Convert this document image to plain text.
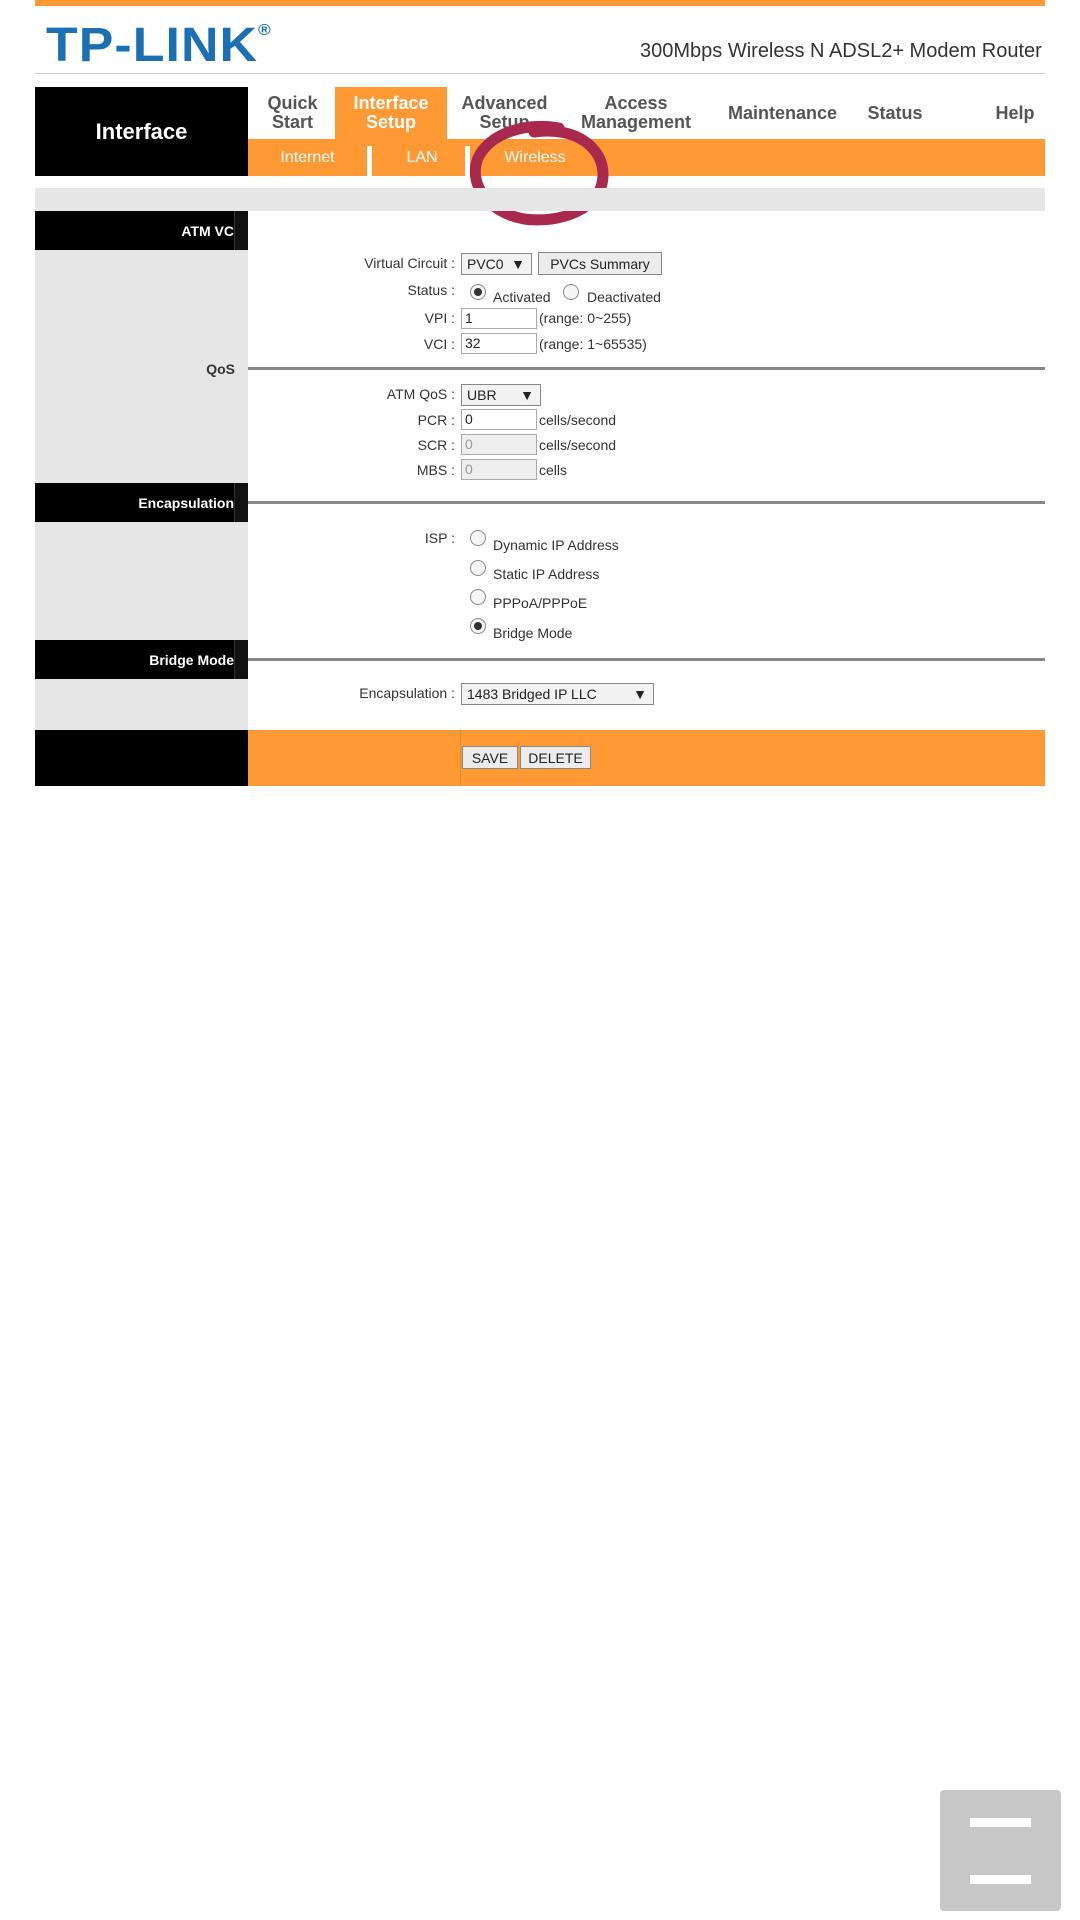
TP-LINK®
300Mbps Wireless N ADSL2+ Modem Router
Interface
Quick
Start
Interface
Setup
Advanced
Setup
Access
Management Maintenance Status	Help
Internet	LAN	Wireless
ATM VC
QoS
Encapsulation
Bridge Mode
Virtual Circuit : PVC0 ▼	PVCs Summary
Status :	Activated	Deactivated
VPI : 1	(range: 0~255)
VCI : 32	(range: 1~65535)
ATM QoS : UBR ▼
PCR : 0	cells/second
SCR : 0	cells/second
MBS : 0	cells
ISP :	Dynamic IP Address
Static IP Address
PPPoA/PPPoE
Bridge Mode
Encapsulation : 1483 Bridged IP LLC	▼
SAVE	DELETE
